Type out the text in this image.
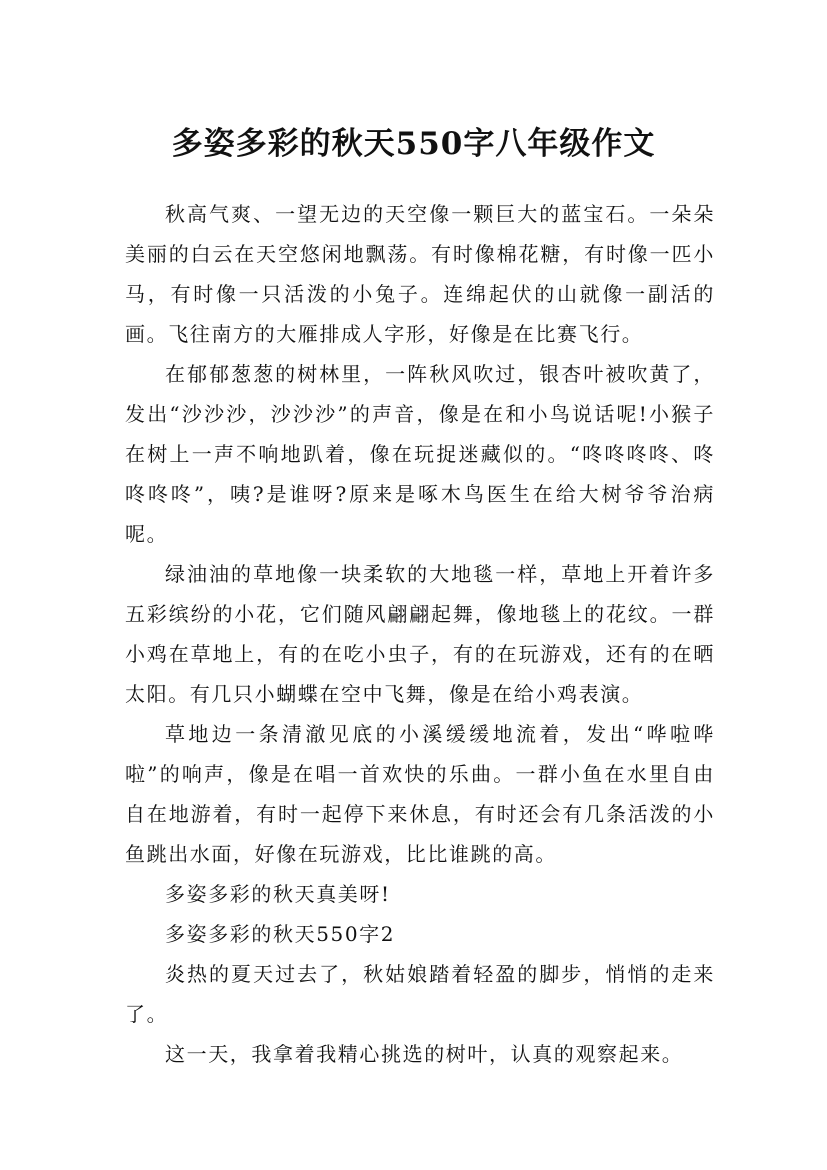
多姿多彩的秋天550字八年级作文

秋高气爽、一望无边的天空像一颗巨大的蓝宝石。一朵朵美丽的白云在天空悠闲地飘荡。有时像棉花糖，有时像一匹小马，有时像一只活泼的小兔子。连绵起伏的山就像一副活的画。飞往南方的大雁排成人字形，好像是在比赛飞行。

在郁郁葱葱的树林里，一阵秋风吹过，银杏叶被吹黄了，发出“沙沙沙，沙沙沙”的声音，像是在和小鸟说话呢!小猴子在树上一声不响地趴着，像在玩捉迷藏似的。“咚咚咚咚、咚咚咚咚”，咦?是谁呀?原来是啄木鸟医生在给大树爷爷治病呢。

绿油油的草地像一块柔软的大地毯一样，草地上开着许多五彩缤纷的小花，它们随风翩翩起舞，像地毯上的花纹。一群小鸡在草地上，有的在吃小虫子，有的在玩游戏，还有的在晒太阳。有几只小蝴蝶在空中飞舞，像是在给小鸡表演。

草地边一条清澈见底的小溪缓缓地流着，发出“哗啦哗啦”的响声，像是在唱一首欢快的乐曲。一群小鱼在水里自由自在地游着，有时一起停下来休息，有时还会有几条活泼的小鱼跳出水面，好像在玩游戏，比比谁跳的高。

多姿多彩的秋天真美呀!

多姿多彩的秋天550字2

炎热的夏天过去了，秋姑娘踏着轻盈的脚步，悄悄的走来了。

这一天，我拿着我精心挑选的树叶，认真的观察起来。
